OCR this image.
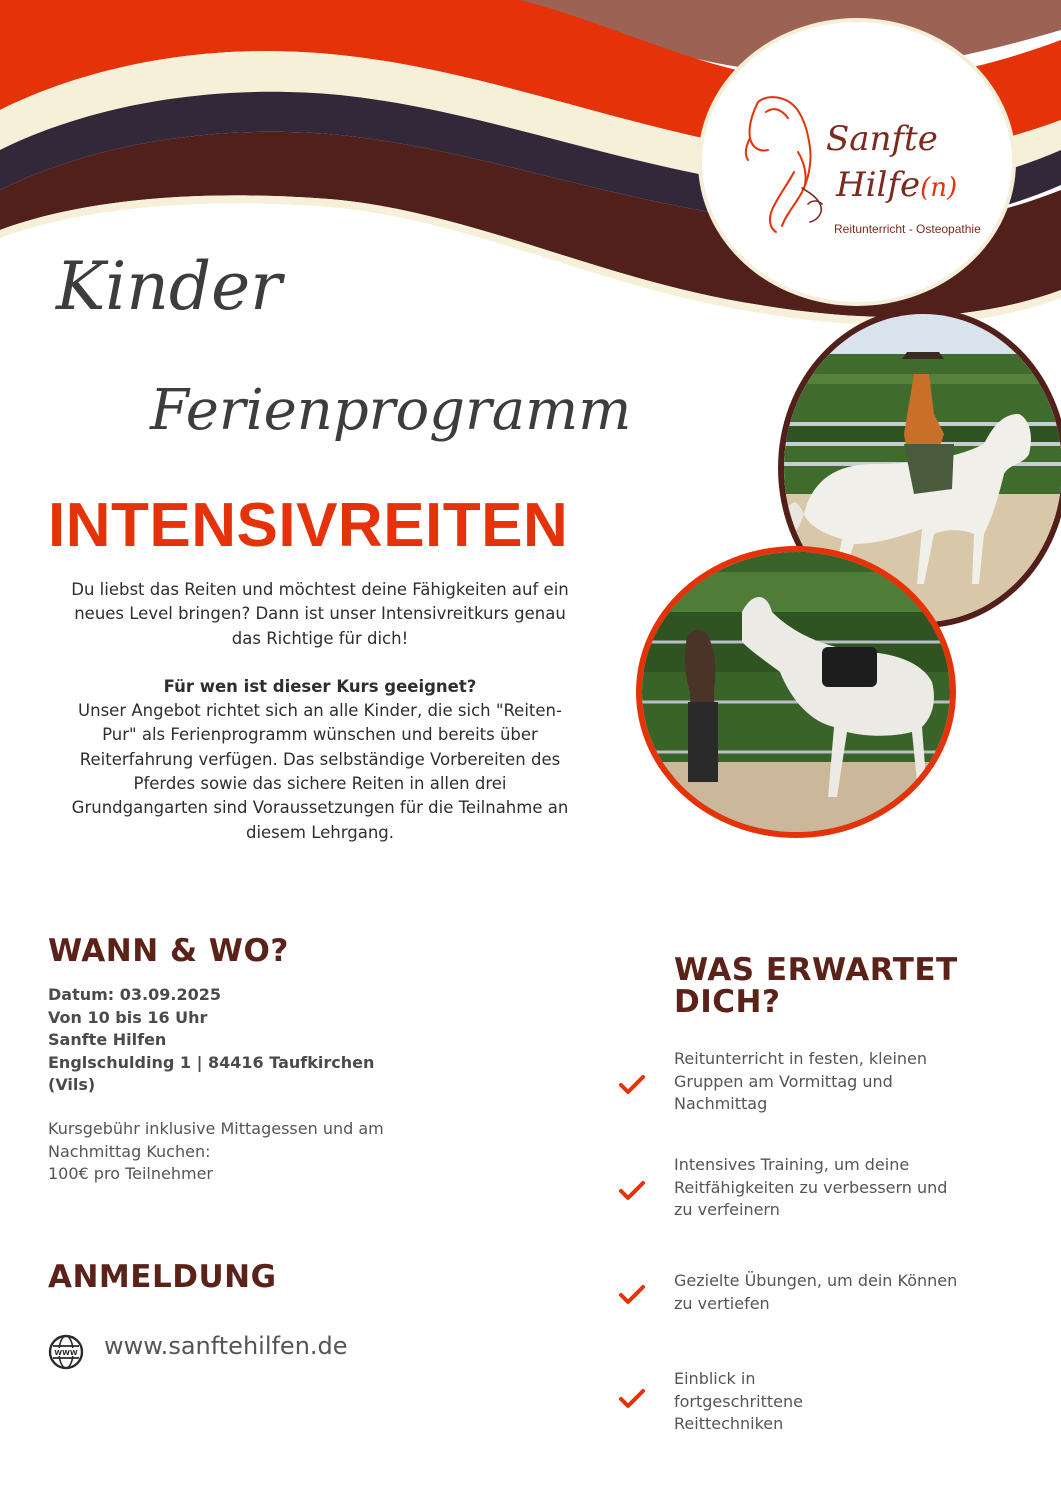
Sanfte
Hilfe(n)
Reitunterricht - Osteopathie
Kinder
Ferienprogramm
INTENSIVREITEN

Du liebst das Reiten und möchtest deine Fähigkeiten auf ein neues Level bringen? Dann ist unser Intensivreitkurs genau das Richtige für dich!

Für wen ist dieser Kurs geeignet?

Unser Angebot richtet sich an alle Kinder, die sich "Reiten-Pur" als Ferienprogramm wünschen und bereits über Reiterfahrung verfügen. Das selbständige Vorbereiten des Pferdes sowie das sichere Reiten in allen drei Grundgangarten sind Voraussetzungen für die Teilnahme an diesem Lehrgang.

WANN & WO?
Datum: 03.09.2025
Von 10 bis 16 Uhr
Sanfte Hilfen
Englschulding 1 | 84416 Taufkirchen (Vils)
Kursgebühr inklusive Mittagessen und am Nachmittag Kuchen:
100€ pro Teilnehmer
ANMELDUNG
WWW www.sanftehilfen.de
WAS ERWARTET
DICH?
Reitunterricht in festen, kleinen Gruppen am Vormittag und Nachmittag
Intensives Training, um deine Reitfähigkeiten zu verbessern und zu verfeinern
Gezielte Übungen, um dein Können zu vertiefen
Einblick in fortgeschrittene Reittechniken
